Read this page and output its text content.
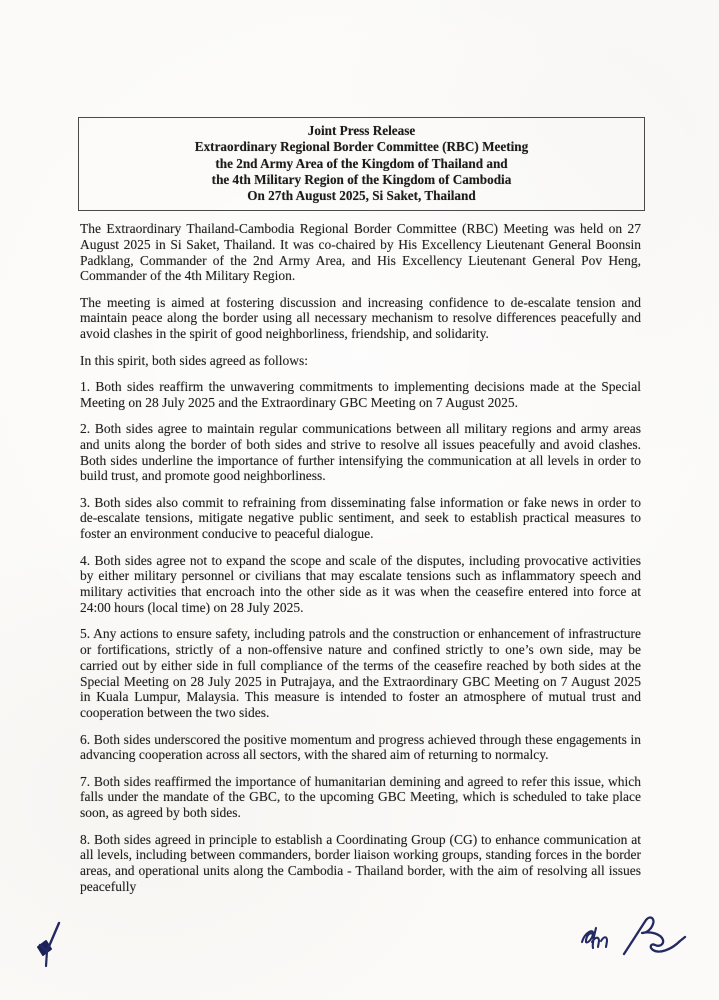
Joint Press Release
Extraordinary Regional Border Committee (RBC) Meeting
the 2nd Army Area of the Kingdom of Thailand and
the 4th Military Region of the Kingdom of Cambodia
On 27th August 2025, Si Saket, Thailand

The Extraordinary Thailand-Cambodia Regional Border Committee (RBC) Meeting was held on 27 August 2025 in Si Saket, Thailand. It was co-chaired by His Excellency Lieutenant General Boonsin Padklang, Commander of the 2nd Army Area, and His Excellency Lieutenant General Pov Heng, Commander of the 4th Military Region.

The meeting is aimed at fostering discussion and increasing confidence to de-escalate tension and maintain peace along the border using all necessary mechanism to resolve differences peacefully and avoid clashes in the spirit of good neighborliness, friendship, and solidarity.

In this spirit, both sides agreed as follows:

1. Both sides reaffirm the unwavering commitments to implementing decisions made at the Special Meeting on 28 July 2025 and the Extraordinary GBC Meeting on 7 August 2025.

2. Both sides agree to maintain regular communications between all military regions and army areas and units along the border of both sides and strive to resolve all issues peacefully and avoid clashes. Both sides underline the importance of further intensifying the communication at all levels in order to build trust, and promote good neighborliness.

3. Both sides also commit to refraining from disseminating false information or fake news in order to de-escalate tensions, mitigate negative public sentiment, and seek to establish practical measures to foster an environment conducive to peaceful dialogue.

4. Both sides agree not to expand the scope and scale of the disputes, including provocative activities by either military personnel or civilians that may escalate tensions such as inflammatory speech and military activities that encroach into the other side as it was when the ceasefire entered into force at 24:00 hours (local time) on 28 July 2025.

5. Any actions to ensure safety, including patrols and the construction or enhancement of infrastructure or fortifications, strictly of a non-offensive nature and confined strictly to one’s own side, may be carried out by either side in full compliance of the terms of the ceasefire reached by both sides at the Special Meeting on 28 July 2025 in Putrajaya, and the Extraordinary GBC Meeting on 7 August 2025 in Kuala Lumpur, Malaysia. This measure is intended to foster an atmosphere of mutual trust and cooperation between the two sides.

6. Both sides underscored the positive momentum and progress achieved through these engagements in advancing cooperation across all sectors, with the shared aim of returning to normalcy.

7. Both sides reaffirmed the importance of humanitarian demining and agreed to refer this issue, which falls under the mandate of the GBC, to the upcoming GBC Meeting, which is scheduled to take place soon, as agreed by both sides.

8. Both sides agreed in principle to establish a Coordinating Group (CG) to enhance communication at all levels, including between commanders, border liaison working groups, standing forces in the border areas, and operational units along the Cambodia - Thailand border, with the aim of resolving all issues peacefully
